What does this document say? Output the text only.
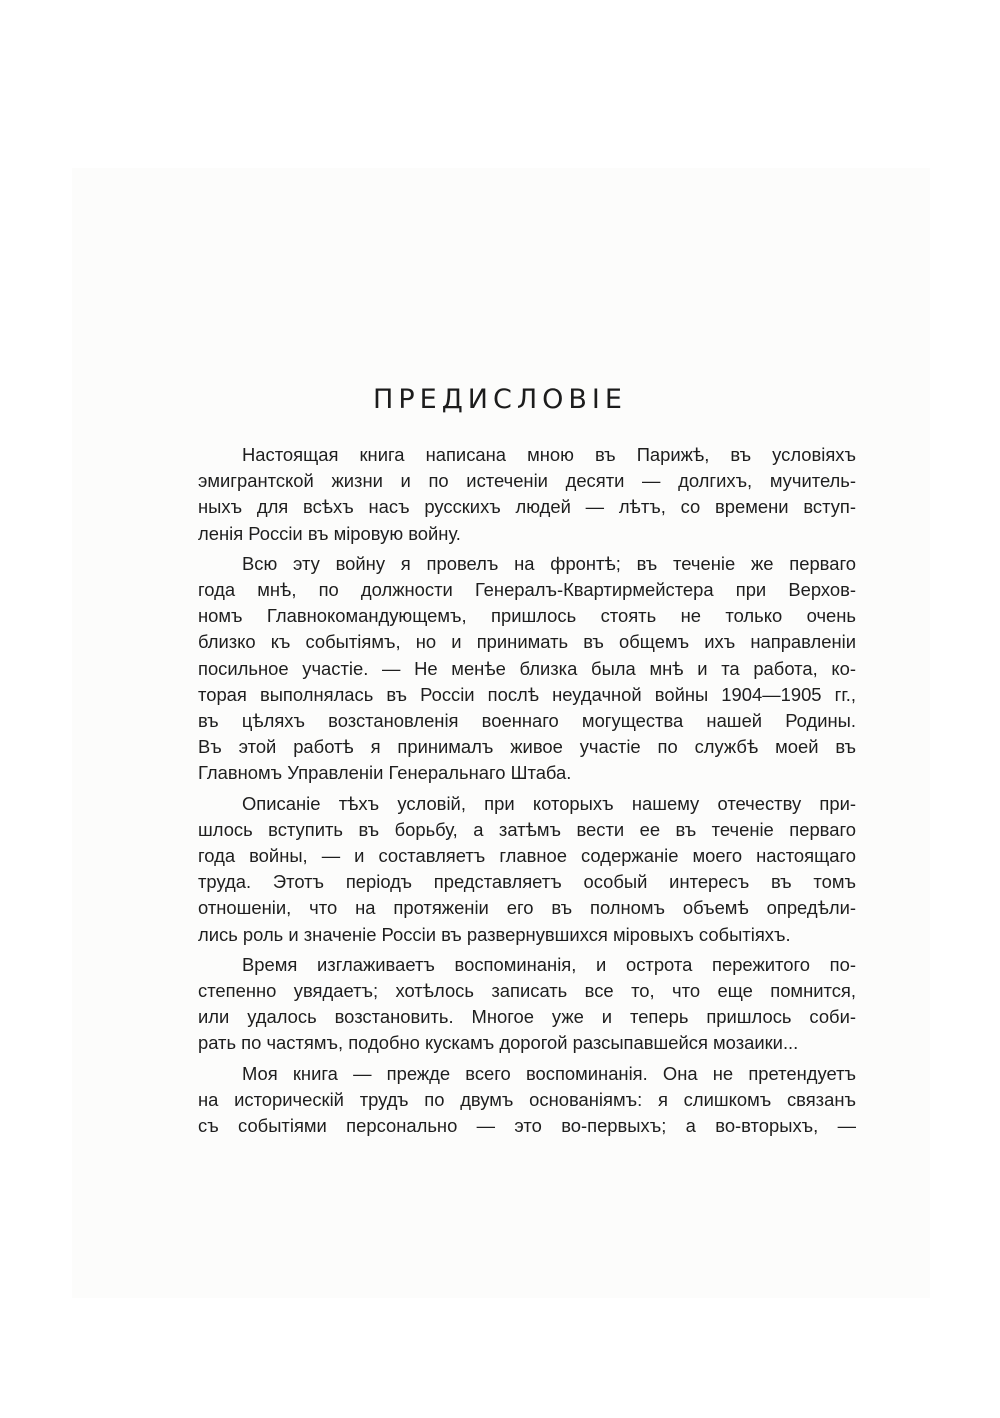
ПРЕДИСЛОВІЕ
Настоящая книга написана мною въ Парижѣ, въ условіяхъ
эмигрантской жизни и по истеченіи десяти — долгихъ, мучитель-
ныхъ для всѣхъ насъ русскихъ людей — лѣтъ, со времени вступ-
ленія Россіи въ міровую войну.
Всю эту войну я провелъ на фронтѣ; въ теченіе же перваго
года мнѣ, по должности Генералъ-Квартирмейстера при Верхов-
номъ Главнокомандующемъ, пришлось стоять не только очень
близко къ событіямъ, но и принимать въ общемъ ихъ направленіи
посильное участіе. — Не менѣе близка была мнѣ и та работа, ко-
торая выполнялась въ Россіи послѣ неудачной войны 1904—1905 гг.,
въ цѣляхъ возстановленія военнаго могущества нашей Родины.
Въ этой работѣ я принималъ живое участіе по службѣ моей въ
Главномъ Управленіи Генеральнаго Штаба.
Описаніе тѣхъ условій, при которыхъ нашему отечеству при-
шлось вступить въ борьбу, а затѣмъ вести ее въ теченіе перваго
года войны, — и составляетъ главное содержаніе моего настоящаго
труда. Этотъ періодъ представляетъ особый интересъ въ томъ
отношеніи, что на протяженіи его въ полномъ объемѣ опредѣли-
лись роль и значеніе Россіи въ развернувшихся міровыхъ событіяхъ.
Время изглаживаетъ воспоминанія, и острота пережитого по-
степенно увядаетъ; хотѣлось записать все то, что еще помнится,
или удалось возстановить. Многое уже и теперь пришлось соби-
рать по частямъ, подобно кускамъ дорогой разсыпавшейся мозаики...
Моя книга — прежде всего воспоминанія. Она не претендуетъ
на историческій трудъ по двумъ основаніямъ: я слишкомъ связанъ
съ событіями персонально — это во-первыхъ; а во-вторыхъ, —
